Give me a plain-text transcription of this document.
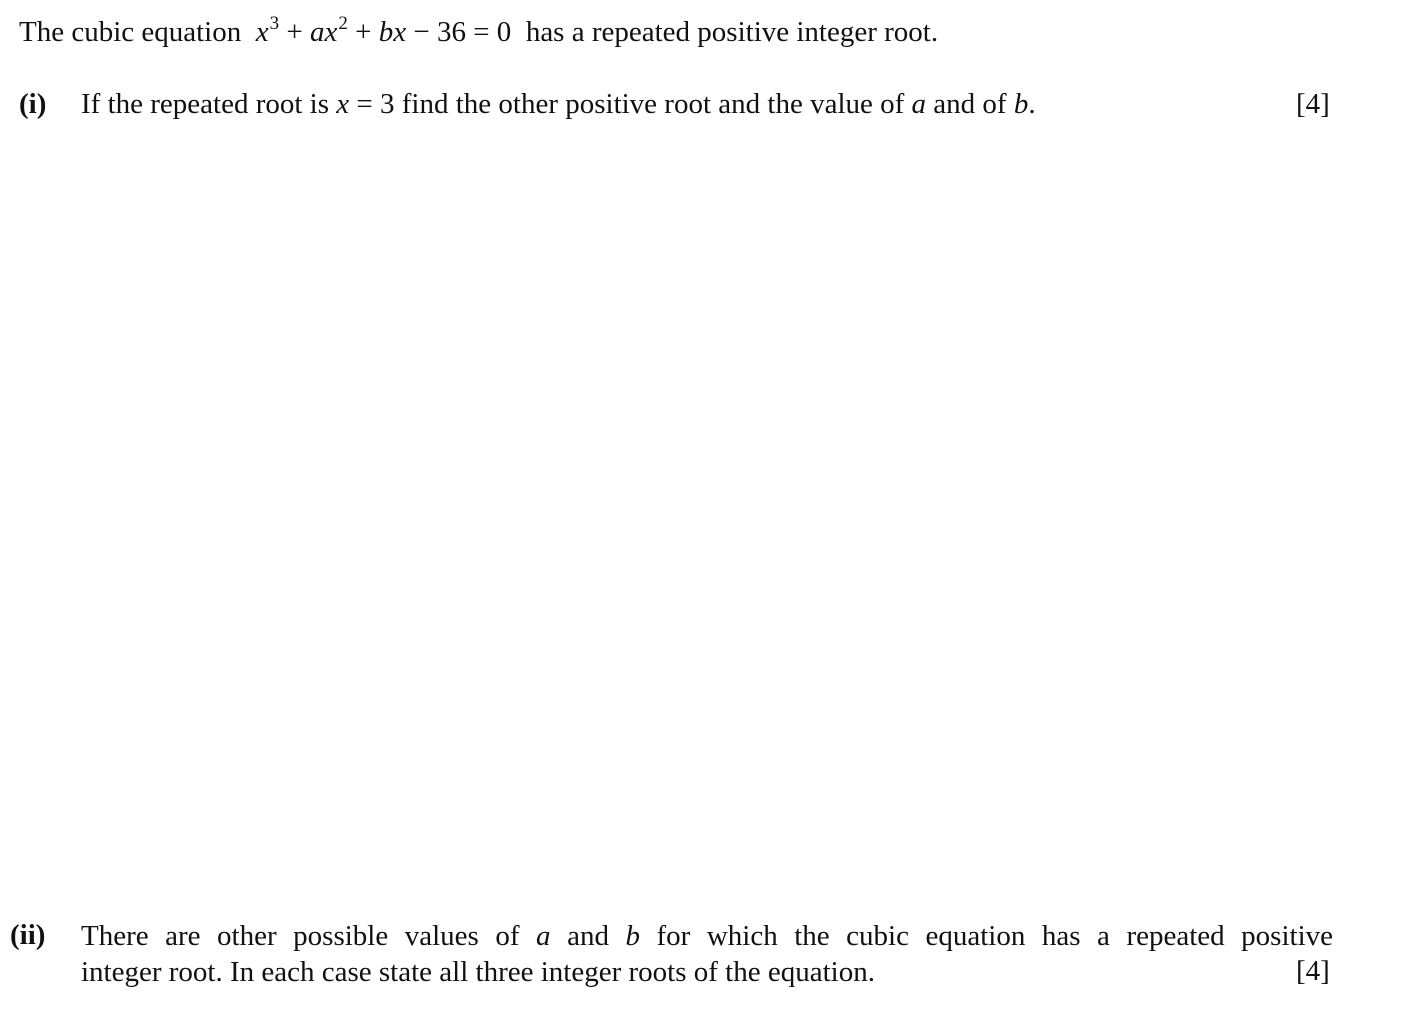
The cubic equation $x^3 + ax^2$ + bx − 36 = 0 has a repeated positive integer root.
(i) If the repeated root is x = 3 find the other positive root and the value of a and of b.	[4]
(ii) There are other possible values of a and b for which the cubic equation has a repeated positive
integer root. In each case state all three integer roots of the equation.	[4]
